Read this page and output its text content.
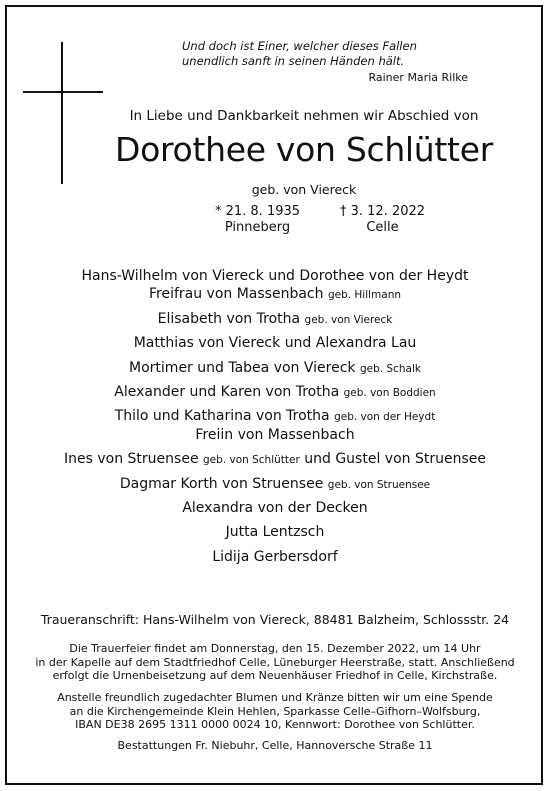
Und doch ist Einer, welcher dieses Fallen
unendlich sanft in seinen Händen hält.
Rainer Maria Rilke
In Liebe und Dankbarkeit nehmen wir Abschied von
Dorothee von Schlütter
geb. von Viereck
* 21. 8. 1935
Pinneberg
† 3. 12. 2022
Celle
Hans-Wilhelm von Viereck und Dorothee von der Heydt
Freifrau von Massenbach geb. Hillmann
Elisabeth von Trotha geb. von Viereck
Matthias von Viereck und Alexandra Lau
Mortimer und Tabea von Viereck geb. Schalk
Alexander und Karen von Trotha geb. von Boddien
Thilo und Katharina von Trotha geb. von der Heydt
Freiin von Massenbach
Ines von Struensee geb. von Schlütter und Gustel von Struensee
Dagmar Korth von Struensee geb. von Struensee
Alexandra von der Decken
Jutta Lentzsch
Lidija Gerbersdorf
Traueranschrift: Hans-Wilhelm von Viereck, 88481 Balzheim, Schlossstr. 24
Die Trauerfeier findet am Donnerstag, den 15. Dezember 2022, um 14 Uhr
in der Kapelle auf dem Stadtfriedhof Celle, Lüneburger Heerstraße, statt. Anschließend
erfolgt die Urnenbeisetzung auf dem Neuenhäuser Friedhof in Celle, Kirchstraße.
Anstelle freundlich zugedachter Blumen und Kränze bitten wir um eine Spende
an die Kirchengemeinde Klein Hehlen, Sparkasse Celle–Gifhorn–Wolfsburg,
IBAN DE38 2695 1311 0000 0024 10, Kennwort: Dorothee von Schlütter.
Bestattungen Fr. Niebuhr, Celle, Hannoversche Straße 11
